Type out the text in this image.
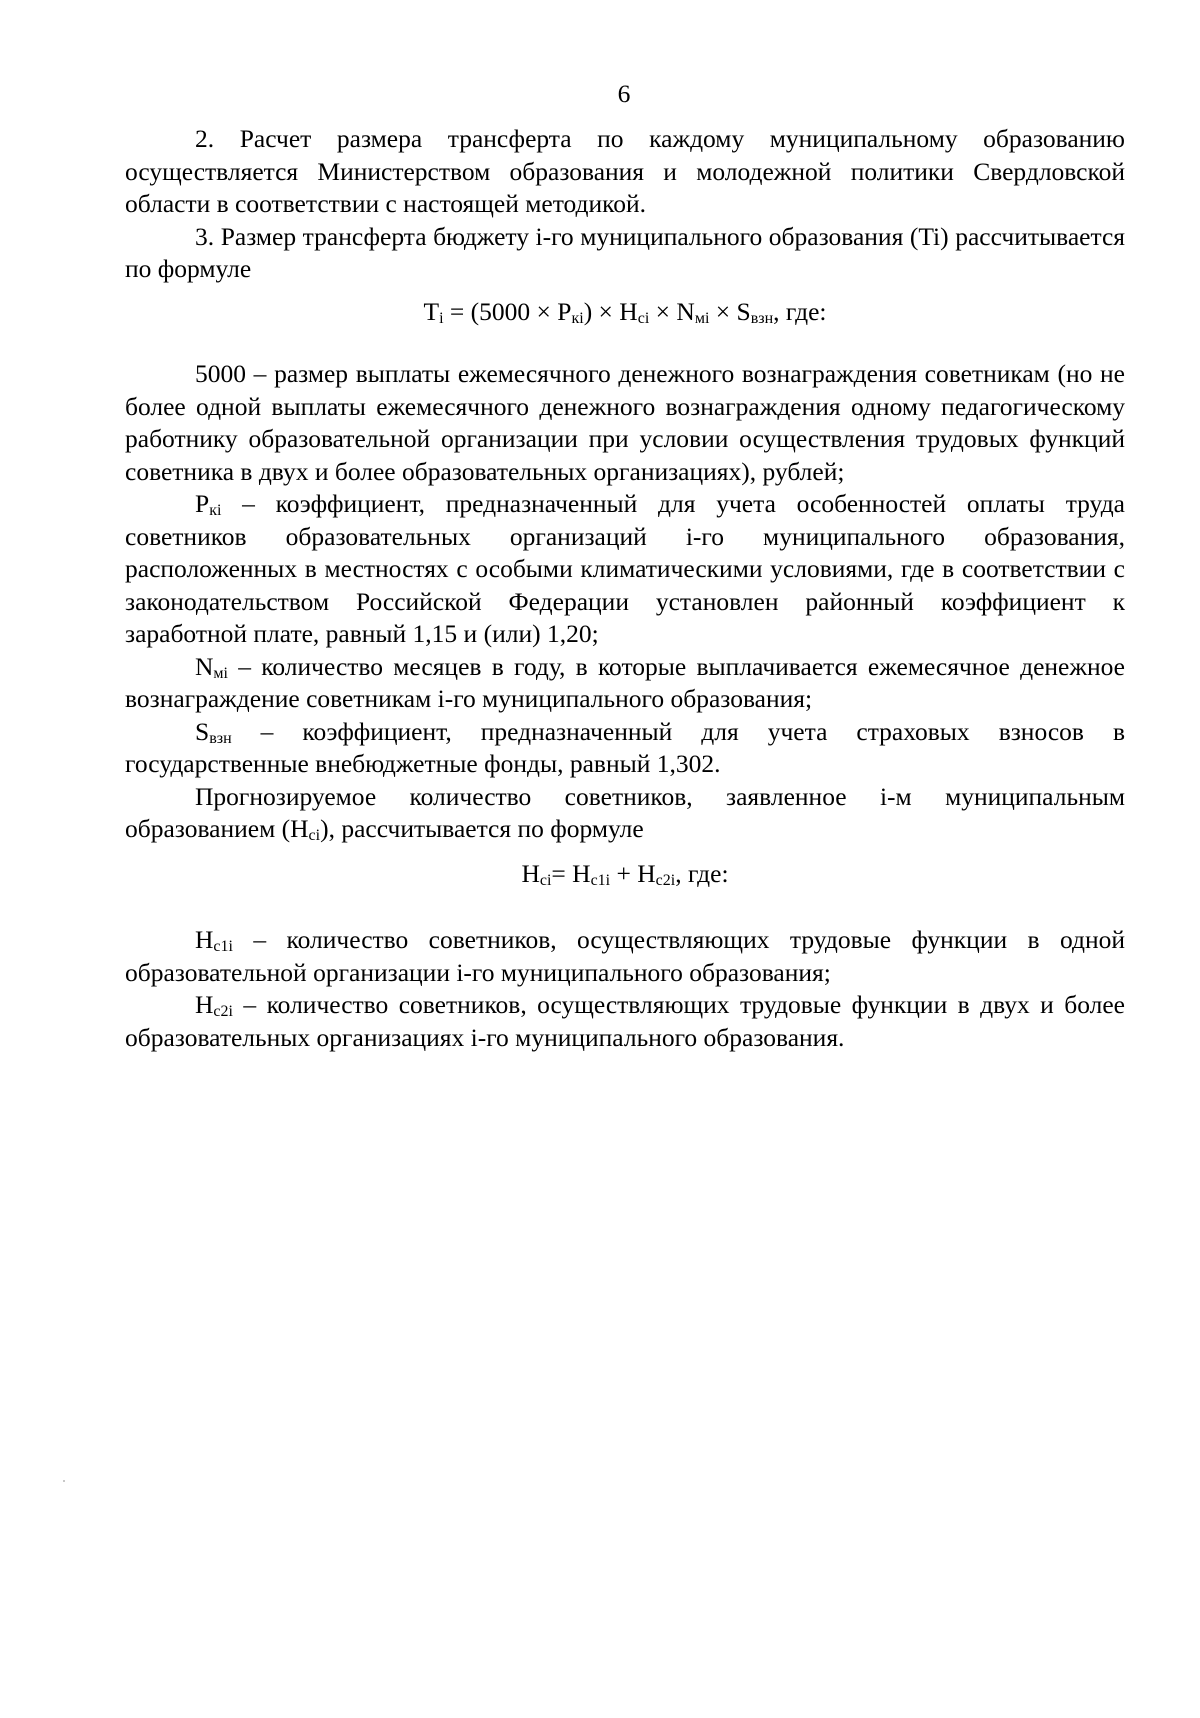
6

2. Расчет размера трансферта по каждому муниципальному образованию осуществляется Министерством образования и молодежной политики Свердловской области в соответствии с настоящей методикой.

3. Размер трансферта бюджету i-го муниципального образования (Ti) рассчитывается по формуле

Ti = (5000 × Pкi) × Hci × Nмi × Sвзн, где:

5000 – размер выплаты ежемесячного денежного вознаграждения советникам (но не более одной выплаты ежемесячного денежного вознаграждения одному педагогическому работнику образовательной организации при условии осуществления трудовых функций советника в двух и более образовательных организациях), рублей;

Pкi – коэффициент, предназначенный для учета особенностей оплаты труда советников образовательных организаций i-го муниципального образования, расположенных в местностях с особыми климатическими условиями, где в соответствии с законодательством Российской Федерации установлен районный коэффициент к заработной плате, равный 1,15 и (или) 1,20;

Nмi – количество месяцев в году, в которые выплачивается ежемесячное денежное вознаграждение советникам i-го муниципального образования;

Sвзн – коэффициент, предназначенный для учета страховых взносов в государственные внебюджетные фонды, равный 1,302.

Прогнозируемое количество советников, заявленное i-м муниципальным образованием (Hci), рассчитывается по формуле

Hci= Hc1i + Hc2i, где:

Hc1i – количество советников, осуществляющих трудовые функции в одной образовательной организации i-го муниципального образования;

Hc2i – количество советников, осуществляющих трудовые функции в двух и более образовательных организациях i-го муниципального образования.
